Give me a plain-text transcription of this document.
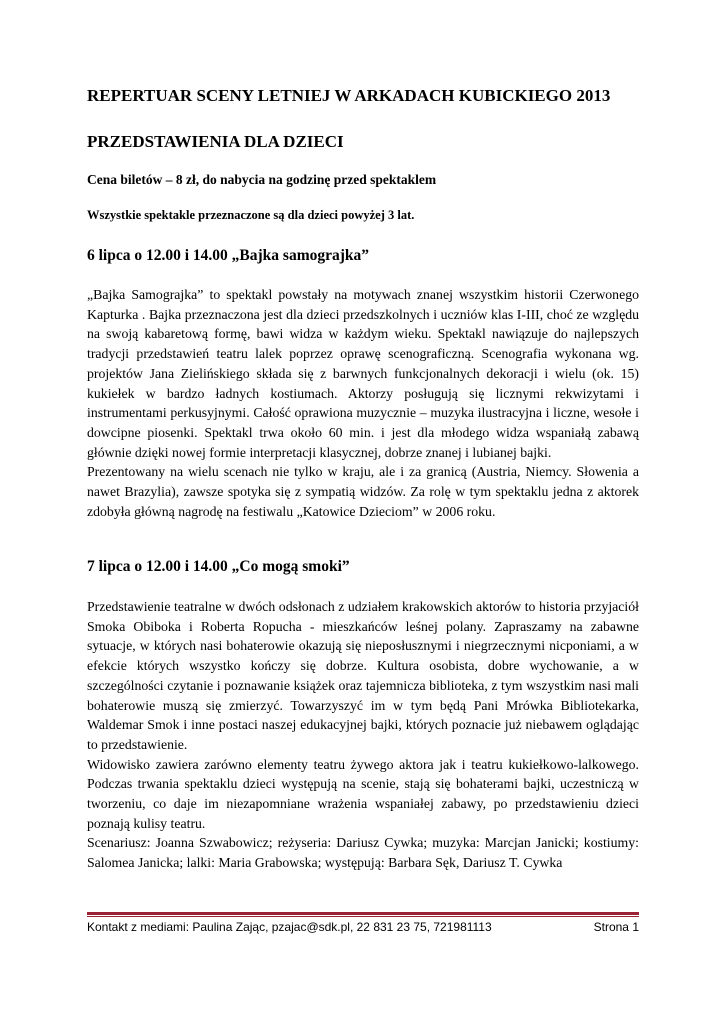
REPERTUAR SCENY LETNIEJ W ARKADACH KUBICKIEGO 2013
PRZEDSTAWIENIA DLA DZIECI
Cena biletów – 8 zł, do nabycia na godzinę przed spektaklem
Wszystkie spektakle przeznaczone są dla dzieci powyżej 3 lat.
6 lipca o 12.00 i 14.00 „Bajka samograjka”

„Bajka Samograjka” to spektakl powstały na motywach znanej wszystkim historii Czerwonego Kapturka . Bajka przeznaczona jest dla dzieci przedszkolnych i uczniów klas I-III, choć ze względu na swoją kabaretową formę, bawi widza w każdym wieku. Spektakl nawiązuje do najlepszych tradycji przedstawień teatru lalek poprzez oprawę scenograficzną. Scenografia wykonana wg. projektów Jana Zielińskiego składa się z barwnych funkcjonalnych dekoracji i wielu (ok. 15) kukiełek w bardzo ładnych kostiumach. Aktorzy posługują się licznymi rekwizytami i instrumentami perkusyjnymi. Całość oprawiona muzycznie – muzyka ilustracyjna i liczne, wesołe i dowcipne piosenki. Spektakl trwa około 60 min. i jest dla młodego widza wspaniałą zabawą głównie dzięki nowej formie interpretacji klasycznej, dobrze znanej i lubianej bajki.

Prezentowany na wielu scenach nie tylko w kraju, ale i za granicą (Austria, Niemcy. Słowenia a nawet Brazylia), zawsze spotyka się z sympatią widzów. Za rolę w tym spektaklu jedna z aktorek zdobyła główną nagrodę na festiwalu „Katowice Dzieciom” w 2006 roku.

7 lipca o 12.00 i 14.00 „Co mogą smoki”

Przedstawienie teatralne w dwóch odsłonach z udziałem krakowskich aktorów to historia przyjaciół Smoka Obiboka i Roberta Ropucha - mieszkańców leśnej polany. Zapraszamy na zabawne sytuacje, w których nasi bohaterowie okazują się nieposłusznymi i niegrzecznymi nicponiami, a w efekcie których wszystko kończy się dobrze. Kultura osobista, dobre wychowanie, a w szczególności czytanie i poznawanie książek oraz tajemnicza biblioteka, z tym wszystkim nasi mali bohaterowie muszą się zmierzyć. Towarzyszyć im w tym będą Pani Mrówka Bibliotekarka, Waldemar Smok i inne postaci naszej edukacyjnej bajki, których poznacie już niebawem oglądając to przedstawienie.

Widowisko zawiera zarówno elementy teatru żywego aktora jak i teatru kukiełkowo-lalkowego. Podczas trwania spektaklu dzieci występują na scenie, stają się bohaterami bajki, uczestniczą w tworzeniu, co daje im niezapomniane wrażenia wspaniałej zabawy, po przedstawieniu dzieci poznają kulisy teatru.

Scenariusz: Joanna Szwabowicz; reżyseria: Dariusz Cywka; muzyka: Marcjan Janicki; kostiumy: Salomea Janicka; lalki: Maria Grabowska; występują: Barbara Sęk, Dariusz T. Cywka

Kontakt z mediami: Paulina Zając, pzajac@sdk.pl, 22 831 23 75, 721981113	Strona 1
